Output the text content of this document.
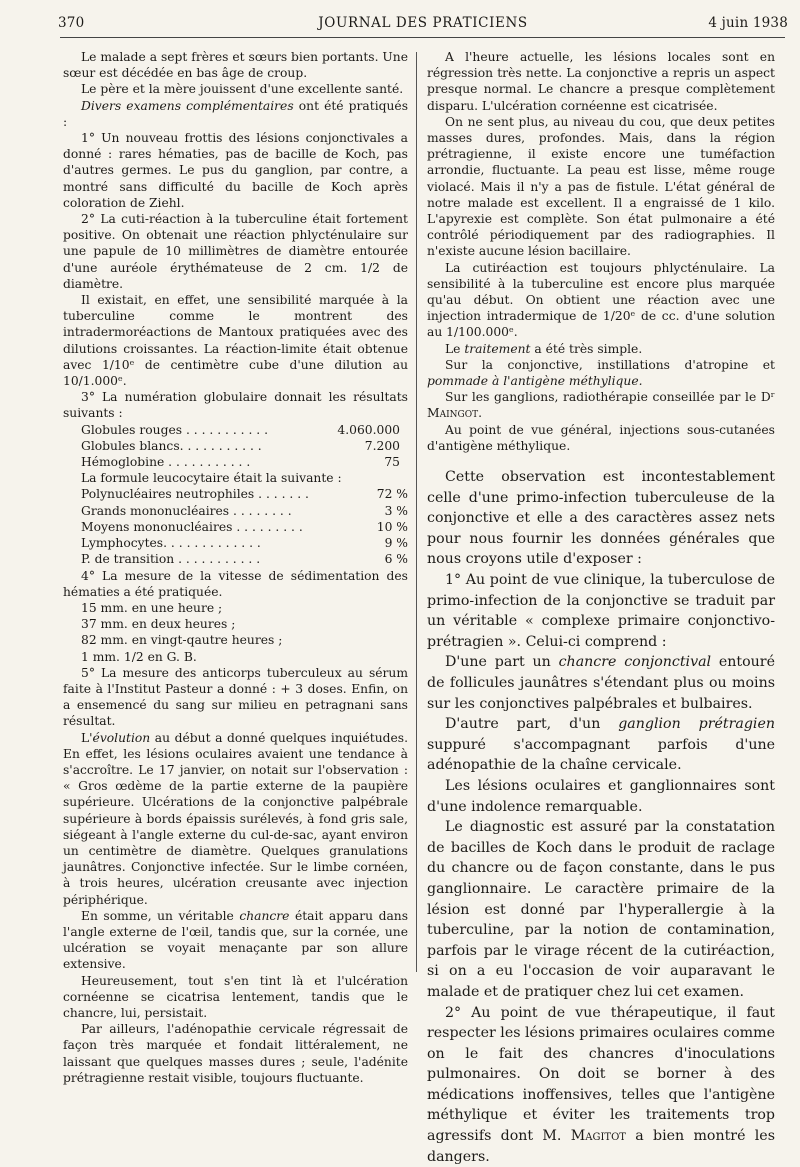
370	JOURNAL DES PRATICIENS	4 juin 1938

Le malade a sept frères et sœurs bien portants. Une sœur est décédée en bas âge de croup.

Le père et la mère jouissent d'une excellente santé.

Divers examens complémentaires ont été pratiqués :

1° Un nouveau frottis des lésions conjonctivales a donné : rares hématies, pas de bacille de Koch, pas d'autres germes. Le pus du ganglion, par contre, a montré sans difficulté du bacille de Koch après coloration de Ziehl.

2° La cuti-réaction à la tuberculine était fortement positive. On obtenait une réaction phlycténulaire sur une papule de 10 millimètres de diamètre entourée d'une auréole érythémateuse de 2 cm. 1/2 de diamètre.

Il existait, en effet, une sensibilité marquée à la tuberculine comme le montrent des intradermoréactions de Mantoux pratiquées avec des dilutions croissantes. La réaction-limite était obtenue avec 1/10ᵉ de centimètre cube d'une dilution au 10/1.000ᵉ.

3° La numération globulaire donnait les résultats suivants :

Globules rouges . . . . . . . . . . .	4.060.000
Globules blancs. . . . . . . . . . .	7.200
Hémoglobine . . . . . . . . . . .	75

La formule leucocytaire était la suivante :

Polynucléaires neutrophiles . . . . . . .	72 %
Grands mononucléaires . . . . . . . .	3 %
Moyens mononucléaires . . . . . . . . .	10 %
Lymphocytes. . . . . . . . . . . . .	9 %
P. de transition . . . . . . . . . . .	6 %

4° La mesure de la vitesse de sédimentation des hématies a été pratiquée.

15 mm. en une heure ;
37 mm. en deux heures ;
82 mm. en vingt-qautre heures ;
1 mm. 1/2 en G. B.

5° La mesure des anticorps tuberculeux au sérum faite à l'Institut Pasteur a donné : + 3 doses. Enfin, on a ensemencé du sang sur milieu en petragnani sans résultat.

L'évolution au début a donné quelques inquiétudes. En effet, les lésions oculaires avaient une tendance à s'accroître. Le 17 janvier, on notait sur l'observation : « Gros œdème de la partie externe de la paupière supérieure. Ulcérations de la conjonctive palpébrale supérieure à bords épaissis surélevés, à fond gris sale, siégeant à l'angle externe du cul-de-sac, ayant environ un centimètre de diamètre. Quelques granulations jaunâtres. Conjonctive infectée. Sur le limbe cornéen, à trois heures, ulcération creusante avec injection périphérique.

En somme, un véritable chancre était apparu dans l'angle externe de l'œil, tandis que, sur la cornée, une ulcération se voyait menaçante par son allure extensive.

Heureusement, tout s'en tint là et l'ulcération cornéenne se cicatrisa lentement, tandis que le chancre, lui, persistait.

Par ailleurs, l'adénopathie cervicale régressait de façon très marquée et fondait littéralement, ne laissant que quelques masses dures ; seule, l'adénite prétragienne restait visible, toujours fluctuante.

A l'heure actuelle, les lésions locales sont en régression très nette. La conjonctive a repris un aspect presque normal. Le chancre a presque complètement disparu. L'ulcération cornéenne est cicatrisée.

On ne sent plus, au niveau du cou, que deux petites masses dures, profondes. Mais, dans la région prétragienne, il existe encore une tuméfaction arrondie, fluctuante. La peau est lisse, même rouge violacé. Mais il n'y a pas de fistule. L'état général de notre malade est excellent. Il a engraissé de 1 kilo. L'apyrexie est complète. Son état pulmonaire a été contrôlé périodiquement par des radiographies. Il n'existe aucune lésion bacillaire.

La cutiréaction est toujours phlycténulaire. La sensibilité à la tuberculine est encore plus marquée qu'au début. On obtient une réaction avec une injection intradermique de 1/20ᵉ de cc. d'une solution au 1/100.000ᵉ.

Le traitement a été très simple.

Sur la conjonctive, instillations d'atropine et pommade à l'antigène méthylique.

Sur les ganglions, radiothérapie conseillée par le Dʳ Maingot.

Au point de vue général, injections sous-cutanées d'antigène méthylique.

Cette observation est incontestablement celle d'une primo-infection tuberculeuse de la conjonctive et elle a des caractères assez nets pour nous fournir les données générales que nous croyons utile d'exposer :

1° Au point de vue clinique, la tuberculose de primo-infection de la conjonctive se traduit par un véritable « complexe primaire conjonctivo-prétragien ». Celui-ci comprend :

D'une part un chancre conjonctival entouré de follicules jaunâtres s'étendant plus ou moins sur les conjonctives palpébrales et bulbaires.

D'autre part, d'un ganglion prétragien suppuré s'accompagnant parfois d'une adénopathie de la chaîne cervicale.

Les lésions oculaires et ganglionnaires sont d'une indolence remarquable.

Le diagnostic est assuré par la constatation de bacilles de Koch dans le produit de raclage du chancre ou de façon constante, dans le pus ganglionnaire. Le caractère primaire de la lésion est donné par l'hyperallergie à la tuberculine, par la notion de contamination, parfois par le virage récent de la cutiréaction, si on a eu l'occasion de voir auparavant le malade et de pratiquer chez lui cet examen.

2° Au point de vue thérapeutique, il faut respecter les lésions primaires oculaires comme on le fait des chancres d'inoculations pulmonaires. On doit se borner à des médications inoffensives, telles que l'antigène méthylique et éviter les traitements trop agressifs dont M. Magitot a bien montré les dangers.
